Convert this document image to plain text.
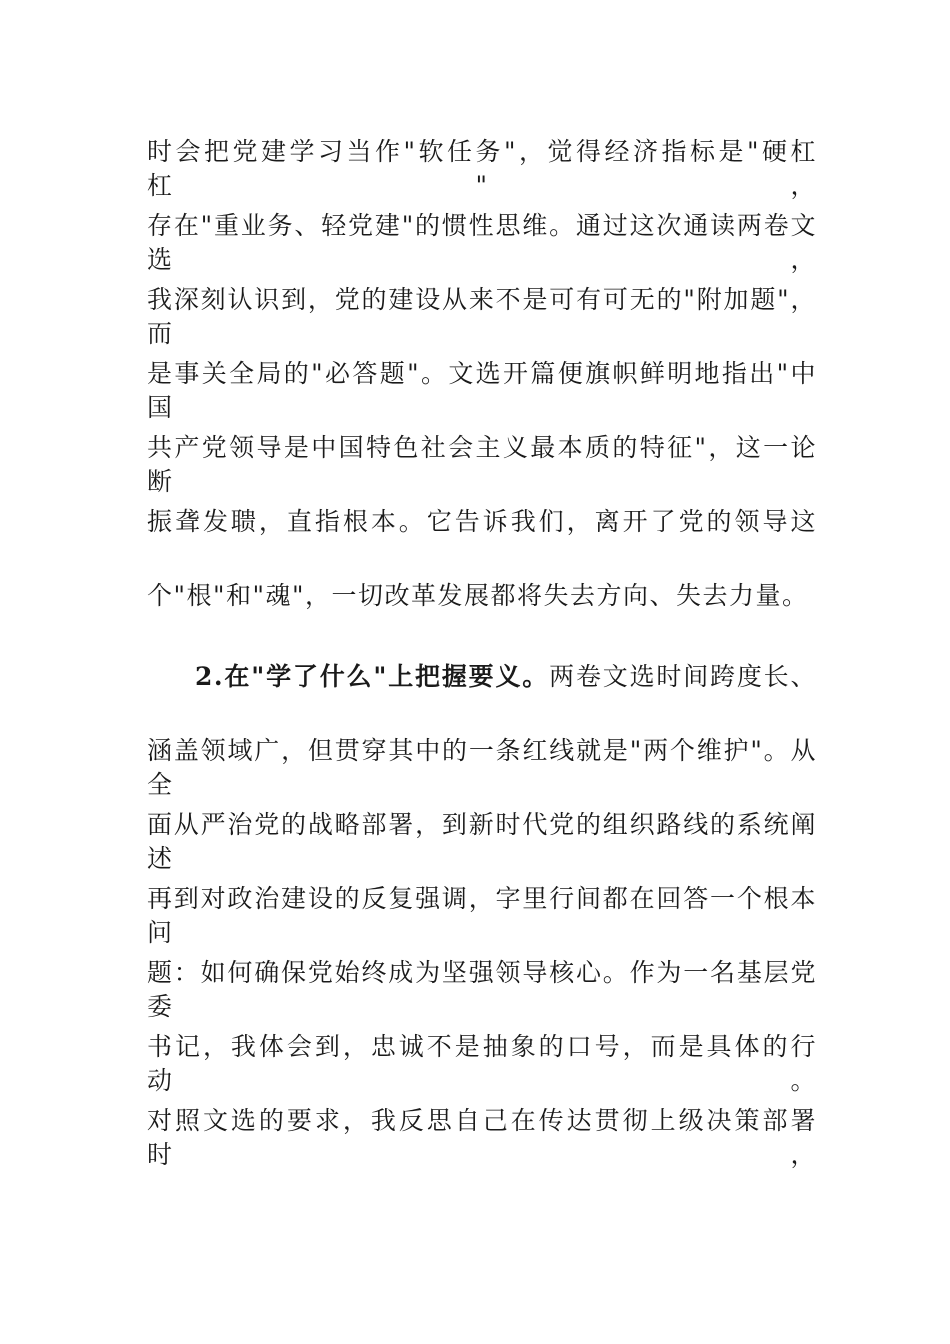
时会把党建学习当作"软任务"，觉得经济指标是"硬杠杠"，
存在"重业务、轻党建"的惯性思维。通过这次通读两卷文选，
我深刻认识到，党的建设从来不是可有可无的"附加题"，而
是事关全局的"必答题"。文选开篇便旗帜鲜明地指出"中国
共产党领导是中国特色社会主义最本质的特征"，这一论断
振聋发聩，直指根本。它告诉我们，离开了党的领导这
个"根"和"魂"，一切改革发展都将失去方向、失去力量。
2.在"学了什么"上把握要义。两卷文选时间跨度长、
涵盖领域广，但贯穿其中的一条红线就是"两个维护"。从全
面从严治党的战略部署，到新时代党的组织路线的系统阐述
再到对政治建设的反复强调，字里行间都在回答一个根本问
题：如何确保党始终成为坚强领导核心。作为一名基层党委
书记，我体会到，忠诚不是抽象的口号，而是具体的行动。
对照文选的要求，我反思自己在传达贯彻上级决策部署时，
